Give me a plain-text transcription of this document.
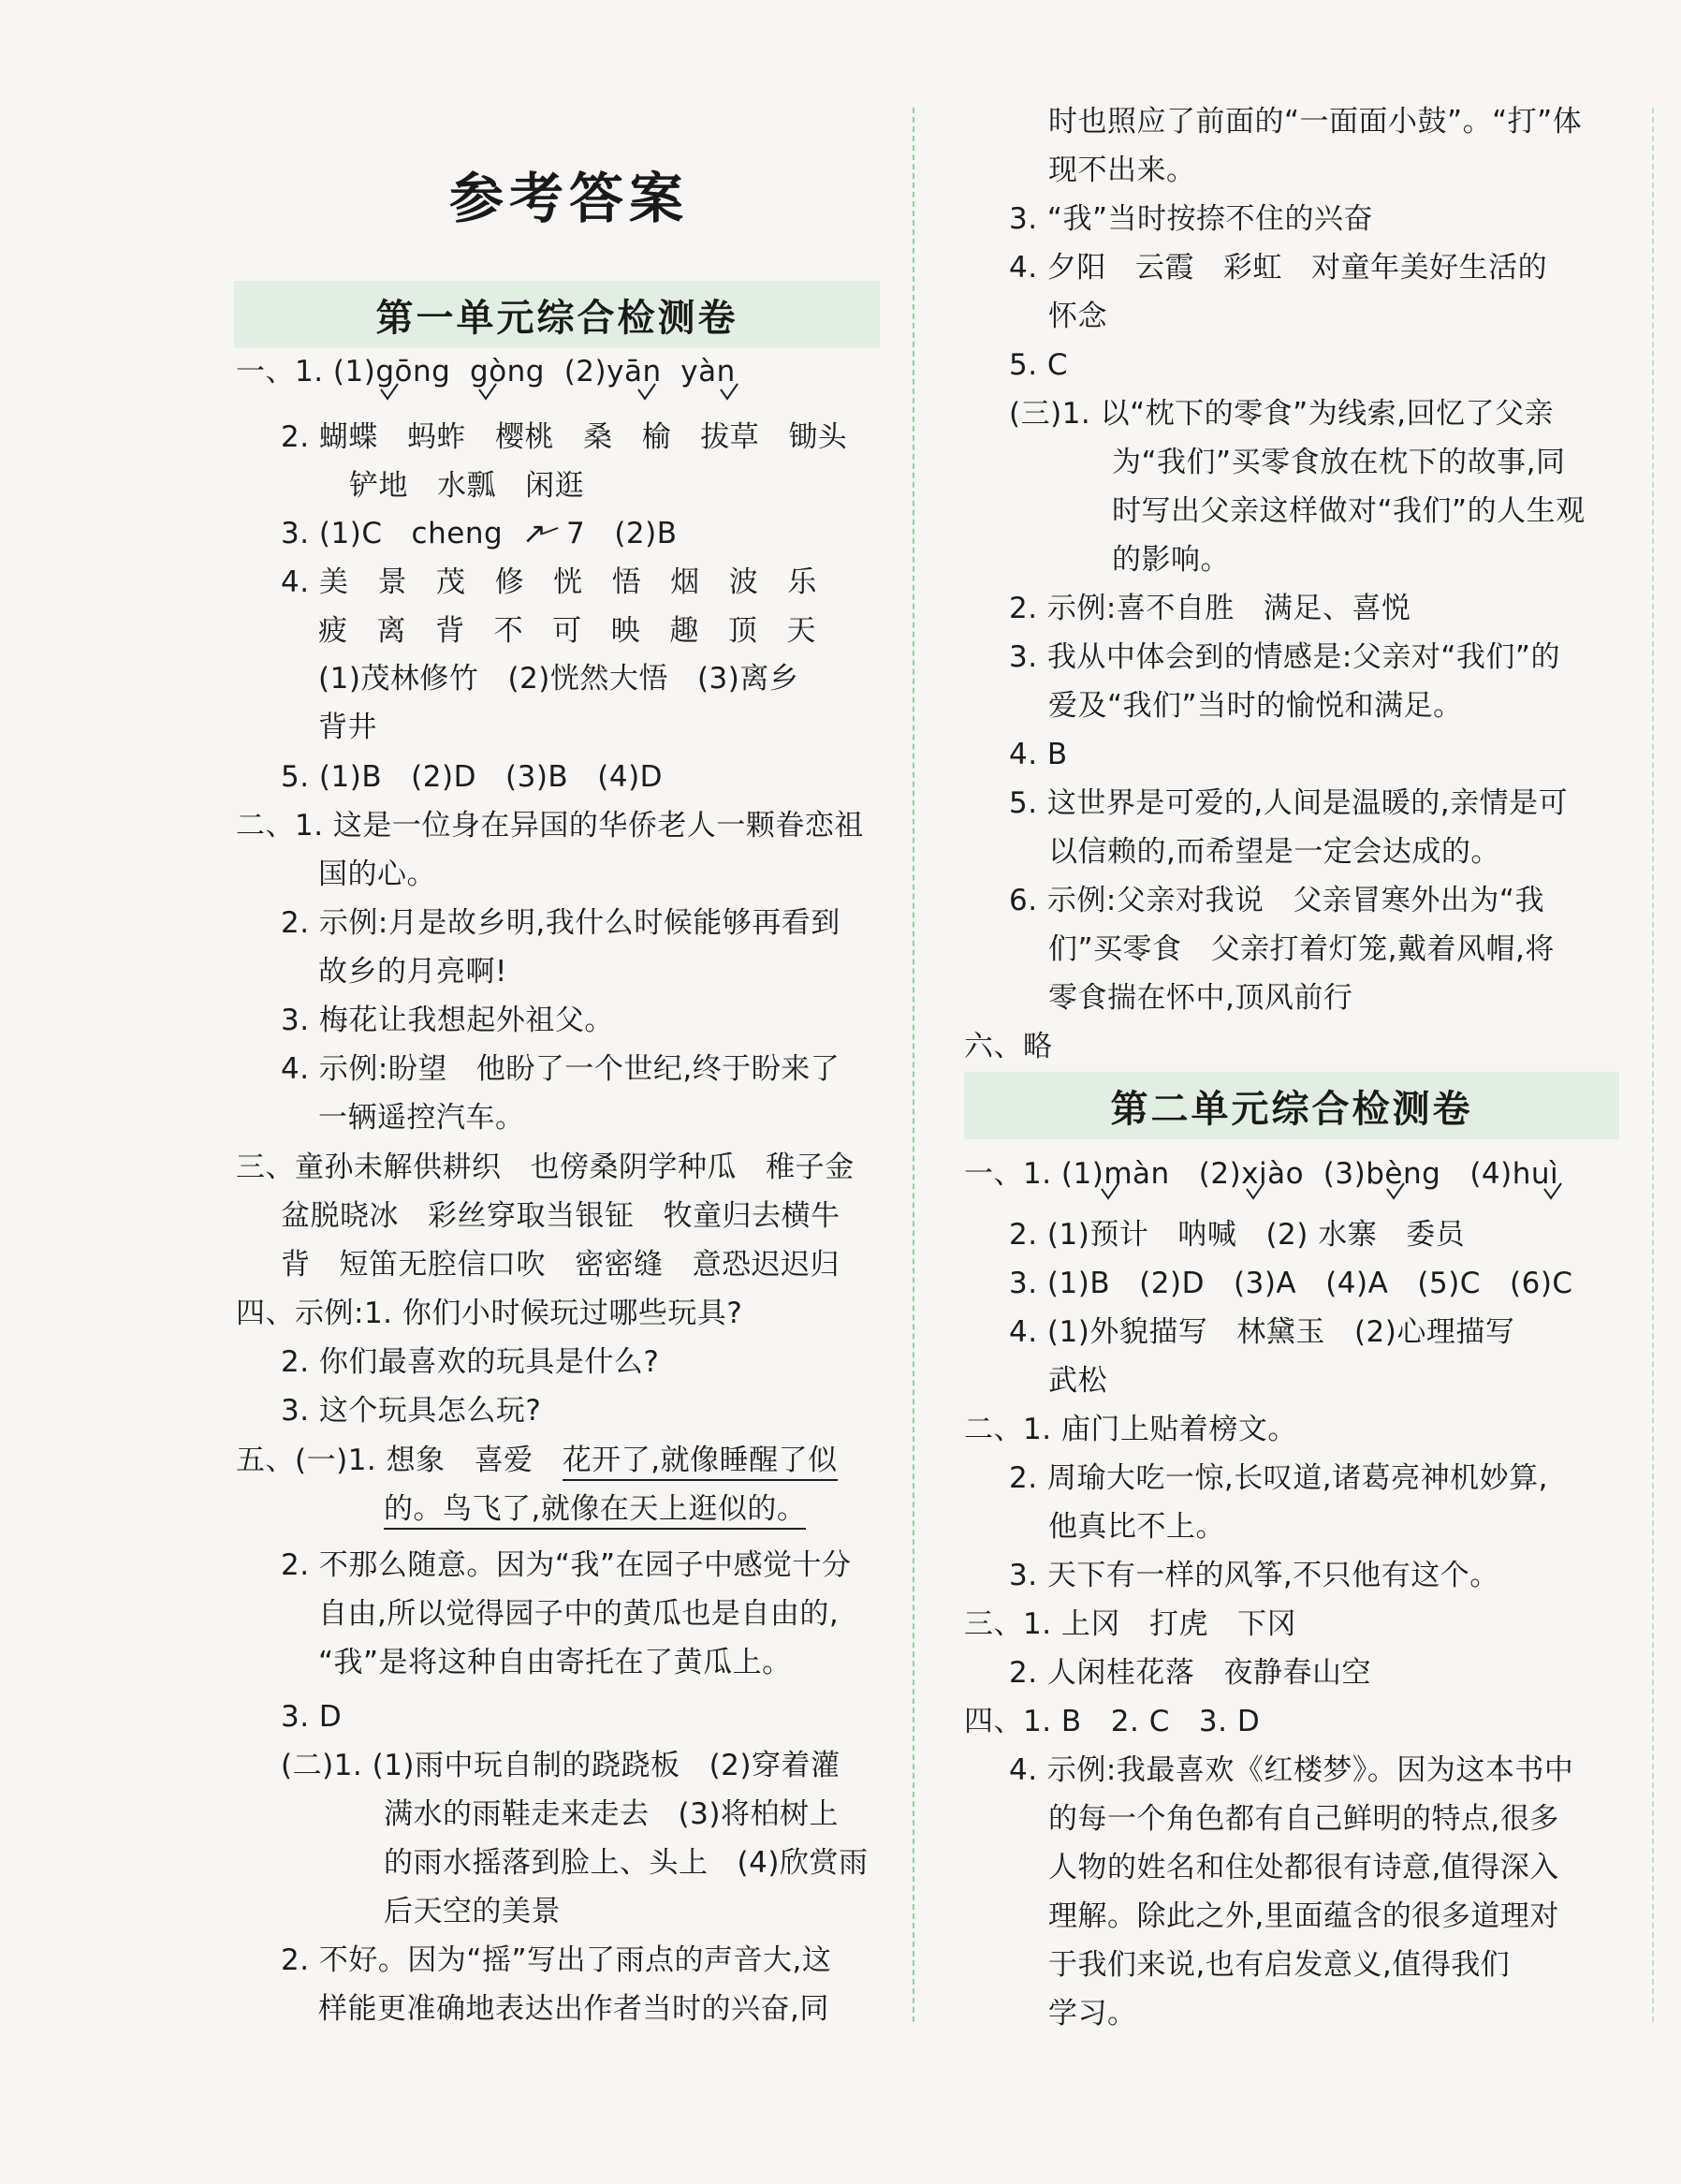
参考答案
第一单元综合检测卷
第二单元综合检测卷
一、1. (1)gōng  gòng  (2)yān  yàn
2. 蝴蝶   蚂蚱   樱桃   桑   榆   拔草   锄头
铲地   水瓢   闲逛
3. (1)C   cheng  ↗  7   (2)B
4. 美   景   茂   修   恍   悟   烟   波   乐
疲   离   背   不   可   映   趣   顶   天
(1)茂林修竹   (2)恍然大悟   (3)离乡
背井
5. (1)B   (2)D   (3)B   (4)D
二、1. 这是一位身在异国的华侨老人一颗眷恋祖
国的心。
2. 示例:月是故乡明,我什么时候能够再看到
故乡的月亮啊!
3. 梅花让我想起外祖父。
4. 示例:盼望   他盼了一个世纪,终于盼来了
一辆遥控汽车。
三、童孙未解供耕织   也傍桑阴学种瓜   稚子金
盆脱晓冰   彩丝穿取当银钲   牧童归去横牛
背   短笛无腔信口吹   密密缝   意恐迟迟归
四、示例:1. 你们小时候玩过哪些玩具?
2. 你们最喜欢的玩具是什么?
3. 这个玩具怎么玩?
五、(一)1. 想象   喜爱   花开了,就像睡醒了似
的。鸟飞了,就像在天上逛似的。
2. 不那么随意。因为“我”在园子中感觉十分
自由,所以觉得园子中的黄瓜也是自由的,
“我”是将这种自由寄托在了黄瓜上。
3. D
(二)1. (1)雨中玩自制的跷跷板   (2)穿着灌
满水的雨鞋走来走去   (3)将柏树上
的雨水摇落到脸上、头上   (4)欣赏雨
后天空的美景
2. 不好。因为“摇”写出了雨点的声音大,这
样能更准确地表达出作者当时的兴奋,同
时也照应了前面的“一面面小鼓”。“打”体
现不出来。
3. “我”当时按捺不住的兴奋
4. 夕阳   云霞   彩虹   对童年美好生活的
怀念
5. C
(三)1. 以“枕下的零食”为线索,回忆了父亲
为“我们”买零食放在枕下的故事,同
时写出父亲这样做对“我们”的人生观
的影响。
2. 示例:喜不自胜   满足、喜悦
3. 我从中体会到的情感是:父亲对“我们”的
爱及“我们”当时的愉悦和满足。
4. B
5. 这世界是可爱的,人间是温暖的,亲情是可
以信赖的,而希望是一定会达成的。
6. 示例:父亲对我说   父亲冒寒外出为“我
们”买零食   父亲打着灯笼,戴着风帽,将
零食揣在怀中,顶风前行
六、略
一、1. (1)màn   (2)xiào  (3)bèng   (4)huì
2. (1)预计   呐喊   (2) 水寨   委员
3. (1)B   (2)D   (3)A   (4)A   (5)C   (6)C
4. (1)外貌描写   林黛玉   (2)心理描写
武松
二、1. 庙门上贴着榜文。
2. 周瑜大吃一惊,长叹道,诸葛亮神机妙算,
他真比不上。
3. 天下有一样的风筝,不只他有这个。
三、1. 上冈   打虎   下冈
2. 人闲桂花落   夜静春山空
四、1. B   2. C   3. D
4. 示例:我最喜欢《红楼梦》。因为这本书中
的每一个角色都有自己鲜明的特点,很多
人物的姓名和住处都很有诗意,值得深入
理解。除此之外,里面蕴含的很多道理对
于我们来说,也有启发意义,值得我们
学习。
